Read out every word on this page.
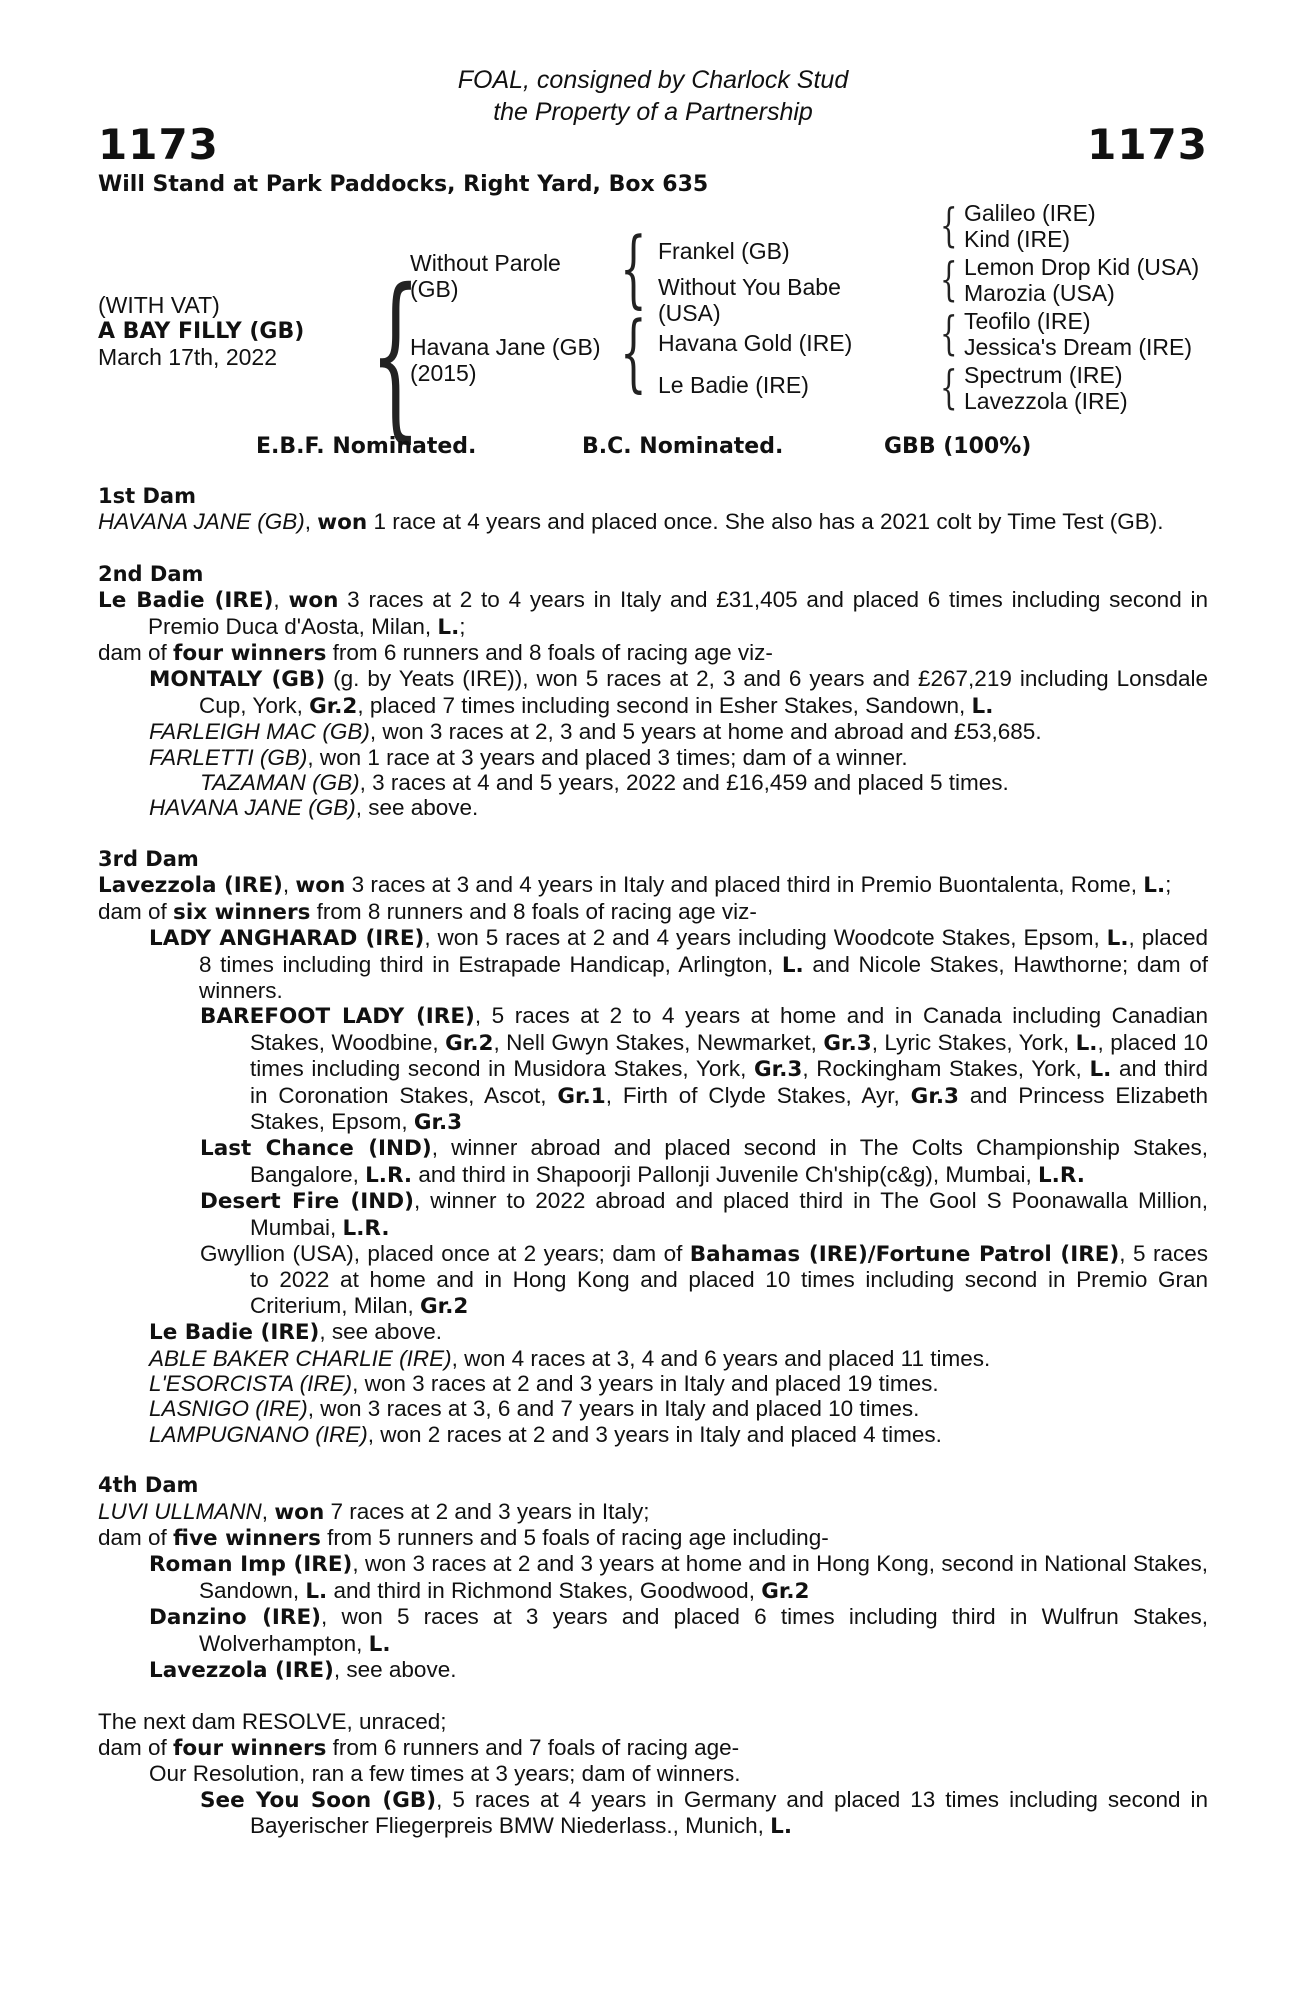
1173
FOAL, consigned by Charlock Stud
the Property of a Partnership
1173
Will Stand at Park Paddocks, Right Yard, Box 635
(WITH VAT)
A BAY FILLY (GB)
March 17th, 2022 {
Without Parole
(GB)
Havana Jane (GB)
(2015)
{
{
Frankel (GB)
Without You Babe
(USA)
Havana Gold (IRE)
Le Badie (IRE)
{
{
{
{
Galileo (IRE)
Kind (IRE)
Lemon Drop Kid (USA)
Marozia (USA)
Teofilo (IRE)
Jessica's Dream (IRE)
Spectrum (IRE)
Lavezzola (IRE)
E.B.F. Nominated.	B.C. Nominated.	GBB (100%)
1st Dam
HAVANA JANE (GB), won 1 race at 4 years and placed once. She also has a 2021 colt by Time Test (GB).
2nd Dam
Le Badie (IRE), won 3 races at 2 to 4 years in Italy and £31,405 and placed 6 times including second in Premio Duca d'Aosta, Milan, L.;
dam of four winners from 6 runners and 8 foals of racing age viz-
MONTALY (GB) (g. by Yeats (IRE)), won 5 races at 2, 3 and 6 years and £267,219 including Lonsdale Cup, York, Gr.2, placed 7 times including second in Esher Stakes, Sandown, L.
FARLEIGH MAC (GB), won 3 races at 2, 3 and 5 years at home and abroad and £53,685.
FARLETTI (GB), won 1 race at 3 years and placed 3 times; dam of a winner.
TAZAMAN (GB), 3 races at 4 and 5 years, 2022 and £16,459 and placed 5 times.
HAVANA JANE (GB), see above.
3rd Dam
Lavezzola (IRE), won 3 races at 3 and 4 years in Italy and placed third in Premio Buontalenta, Rome, L.;
dam of six winners from 8 runners and 8 foals of racing age viz-
LADY ANGHARAD (IRE), won 5 races at 2 and 4 years including Woodcote Stakes, Epsom, L., placed 8 times including third in Estrapade Handicap, Arlington, L. and Nicole Stakes, Hawthorne; dam of winners.
BAREFOOT LADY (IRE), 5 races at 2 to 4 years at home and in Canada including Canadian Stakes, Woodbine, Gr.2, Nell Gwyn Stakes, Newmarket, Gr.3, Lyric Stakes, York, L., placed 10 times including second in Musidora Stakes, York, Gr.3, Rockingham Stakes, York, L. and third in Coronation Stakes, Ascot, Gr.1, Firth of Clyde Stakes, Ayr, Gr.3 and Princess Elizabeth Stakes, Epsom, Gr.3
Last Chance (IND), winner abroad and placed second in The Colts Championship Stakes, Bangalore, L.R. and third in Shapoorji Pallonji Juvenile Ch'ship(c&g), Mumbai, L.R.
Desert Fire (IND), winner to 2022 abroad and placed third in The Gool S Poonawalla Million, Mumbai, L.R.
Gwyllion (USA), placed once at 2 years; dam of Bahamas (IRE)/Fortune Patrol (IRE), 5 races to 2022 at home and in Hong Kong and placed 10 times including second in Premio Gran Criterium, Milan, Gr.2
Le Badie (IRE), see above.
ABLE BAKER CHARLIE (IRE), won 4 races at 3, 4 and 6 years and placed 11 times.
L'ESORCISTA (IRE), won 3 races at 2 and 3 years in Italy and placed 19 times.
LASNIGO (IRE), won 3 races at 3, 6 and 7 years in Italy and placed 10 times.
LAMPUGNANO (IRE), won 2 races at 2 and 3 years in Italy and placed 4 times.
4th Dam
LUVI ULLMANN, won 7 races at 2 and 3 years in Italy;
dam of five winners from 5 runners and 5 foals of racing age including-
Roman Imp (IRE), won 3 races at 2 and 3 years at home and in Hong Kong, second in National Stakes, Sandown, L. and third in Richmond Stakes, Goodwood, Gr.2
Danzino (IRE), won 5 races at 3 years and placed 6 times including third in Wulfrun Stakes, Wolverhampton, L.
Lavezzola (IRE), see above.
The next dam RESOLVE, unraced;
dam of four winners from 6 runners and 7 foals of racing age-
Our Resolution, ran a few times at 3 years; dam of winners.
See You Soon (GB), 5 races at 4 years in Germany and placed 13 times including second in Bayerischer Fliegerpreis BMW Niederlass., Munich, L.
